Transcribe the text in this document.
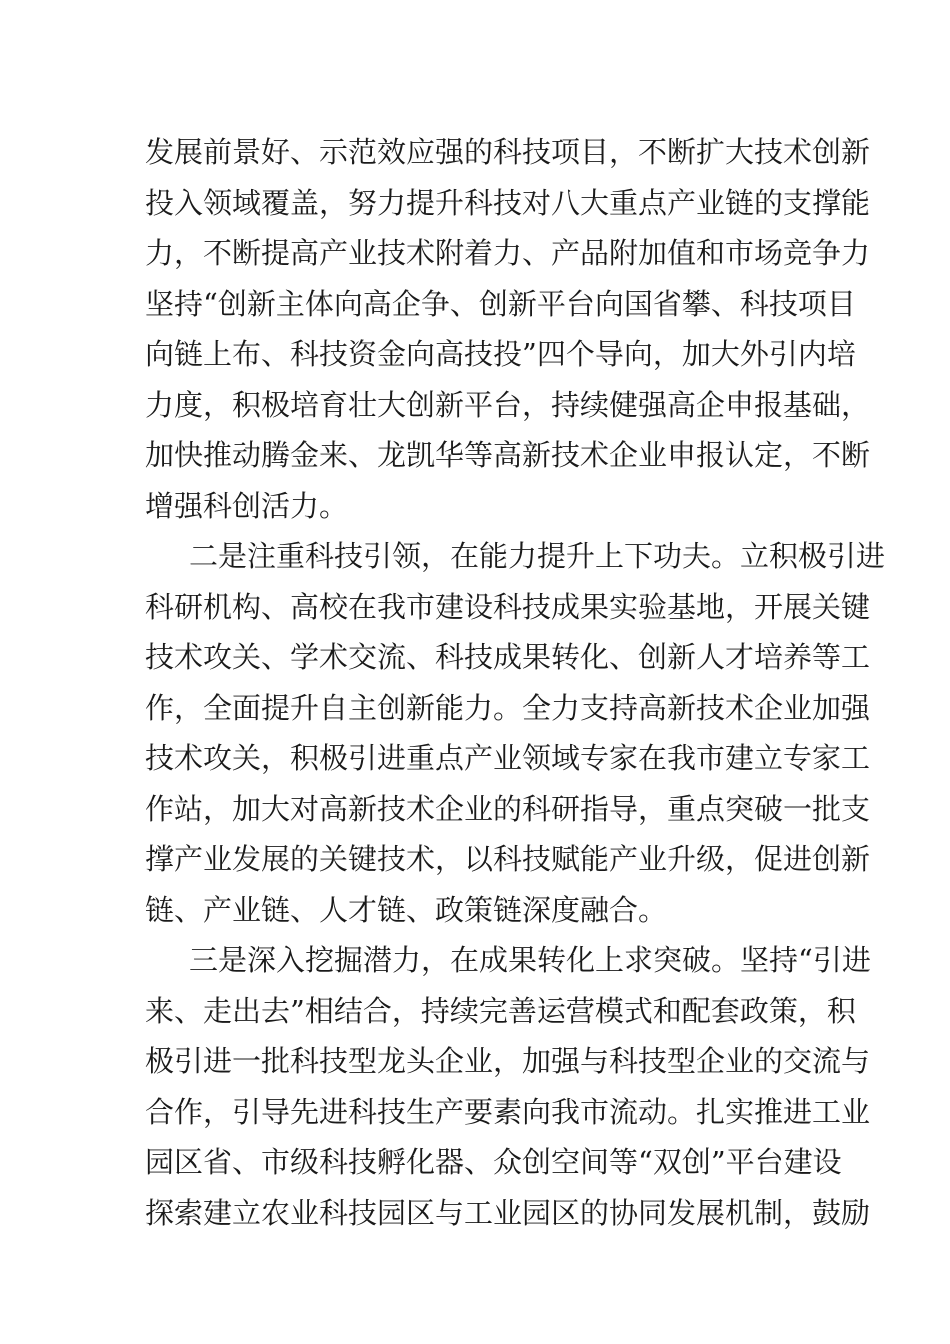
发展前景好、示范效应强的科技项目，不断扩大技术创新
投入领域覆盖，努力提升科技对八大重点产业链的支撑能
力，不断提高产业技术附着力、产品附加值和市场竞争力
坚持“创新主体向高企争、创新平台向国省攀、科技项目
向链上布、科技资金向高技投”四个导向，加大外引内培
力度，积极培育壮大创新平台，持续健强高企申报基础，
加快推动腾金来、龙凯华等高新技术企业申报认定，不断
增强科创活力。
二是注重科技引领，在能力提升上下功夫。立积极引进
科研机构、高校在我市建设科技成果实验基地，开展关键
技术攻关、学术交流、科技成果转化、创新人才培养等工
作，全面提升自主创新能力。全力支持高新技术企业加强
技术攻关，积极引进重点产业领域专家在我市建立专家工
作站，加大对高新技术企业的科研指导，重点突破一批支
撑产业发展的关键技术，以科技赋能产业升级，促进创新
链、产业链、人才链、政策链深度融合。
三是深入挖掘潜力，在成果转化上求突破。坚持“引进
来、走出去”相结合，持续完善运营模式和配套政策，积
极引进一批科技型龙头企业，加强与科技型企业的交流与
合作，引导先进科技生产要素向我市流动。扎实推进工业
园区省、市级科技孵化器、众创空间等“双创”平台建设
探索建立农业科技园区与工业园区的协同发展机制，鼓励
